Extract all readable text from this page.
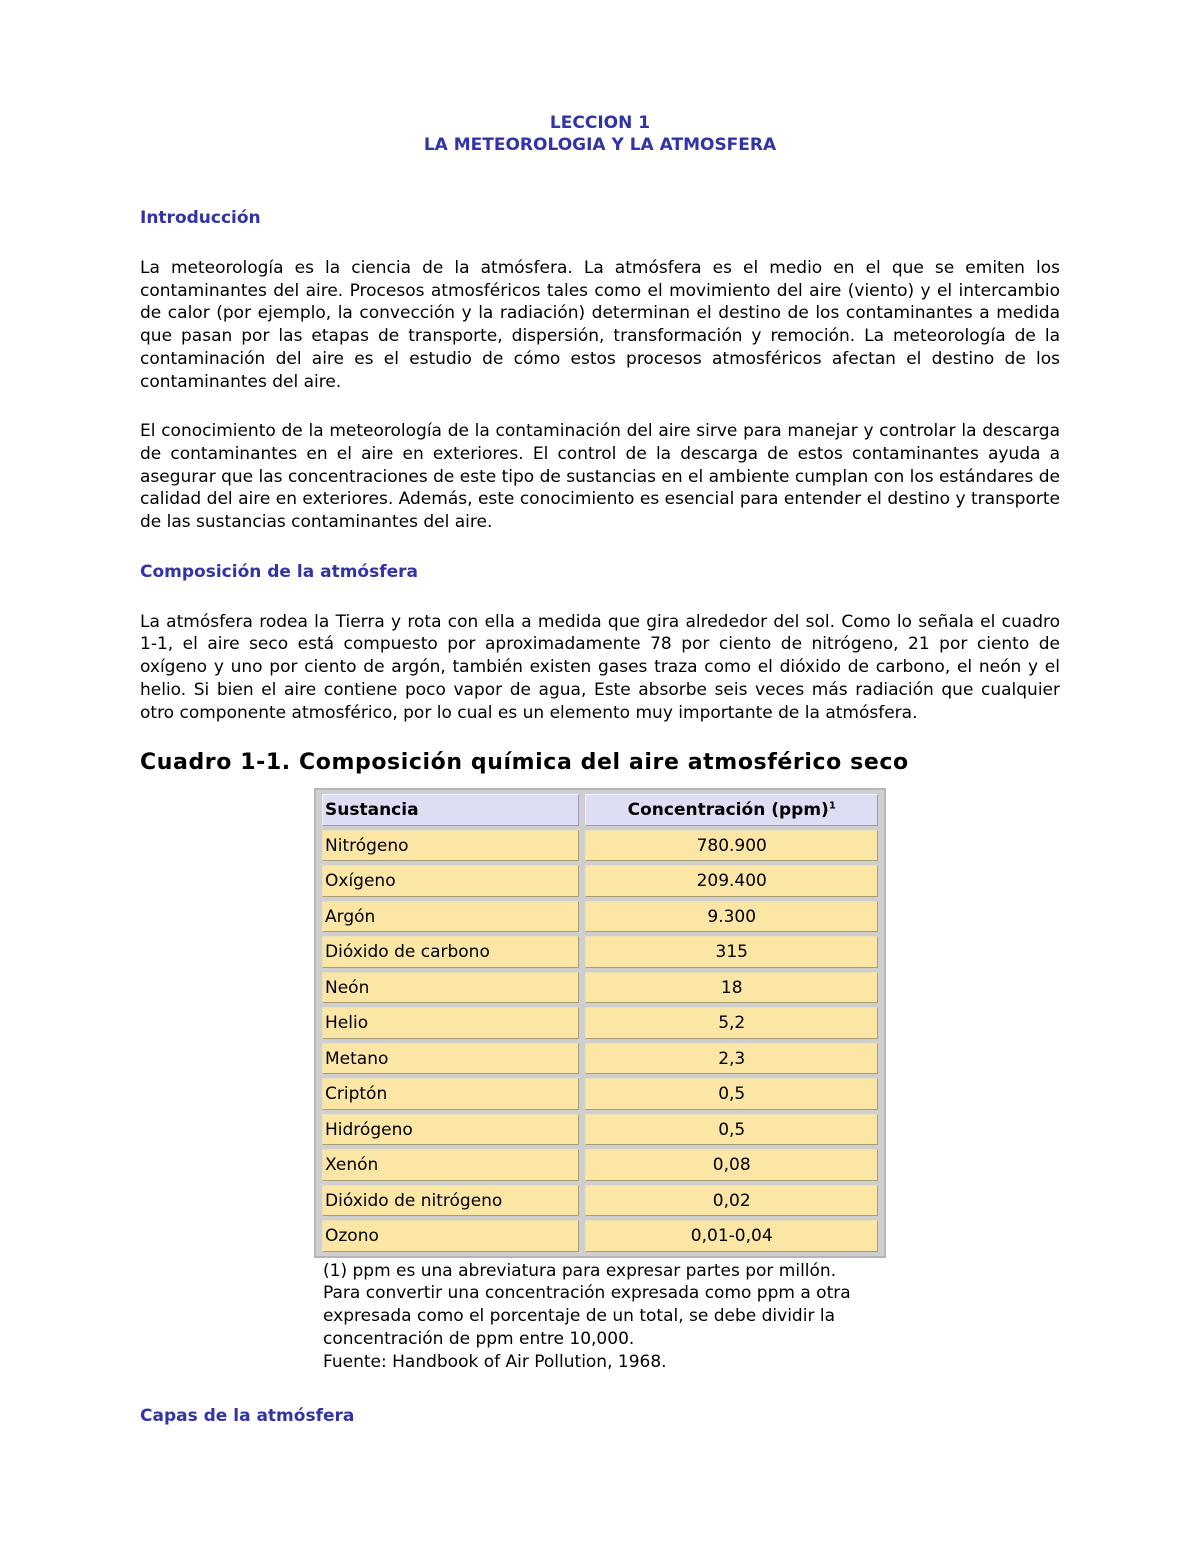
LECCION 1
LA METEOROLOGIA Y LA ATMOSFERA
Introducción

La meteorología es la ciencia de la atmósfera. La atmósfera es el medio en el que se emiten los contaminantes del aire. Procesos atmosféricos tales como el movimiento del aire (viento) y el intercambio de calor (por ejemplo, la convección y la radiación) determinan el destino de los contaminantes a medida que pasan por las etapas de transporte, dispersión, transformación y remoción. La meteorología de la contaminación del aire es el estudio de cómo estos procesos atmosféricos afectan el destino de los contaminantes del aire.

El conocimiento de la meteorología de la contaminación del aire sirve para manejar y controlar la descarga de contaminantes en el aire en exteriores. El control de la descarga de estos contaminantes ayuda a asegurar que las concentraciones de este tipo de sustancias en el ambiente cumplan con los estándares de calidad del aire en exteriores. Además, este conocimiento es esencial para entender el destino y transporte de las sustancias contaminantes del aire.

Composición de la atmósfera

La atmósfera rodea la Tierra y rota con ella a medida que gira alrededor del sol. Como lo señala el cuadro 1-1, el aire seco está compuesto por aproximadamente 78 por ciento de nitrógeno, 21 por ciento de oxígeno y uno por ciento de argón, también existen gases traza como el dióxido de carbono, el neón y el helio. Si bien el aire contiene poco vapor de agua, Este absorbe seis veces más radiación que cualquier otro componente atmosférico, por lo cual es un elemento muy importante de la atmósfera.

Cuadro 1-1. Composición química del aire atmosférico seco
Sustancia	Concentración (ppm)$^1$
Nitrógeno	780.900
Oxígeno	209.400
Argón	9.300
Dióxido de carbono	315
Neón	18
Helio	5,2
Metano	2,3
Criptón	0,5
Hidrógeno	0,5
Xenón	0,08
Dióxido de nitrógeno	0,02
Ozono	0,01-0,04
(1) ppm es una abreviatura para expresar partes por millón.
Para convertir una concentración expresada como ppm a otra expresada como el porcentaje de un total, se debe dividir la concentración de ppm entre 10,000.
Fuente: Handbook of Air Pollution, 1968.
Capas de la atmósfera
